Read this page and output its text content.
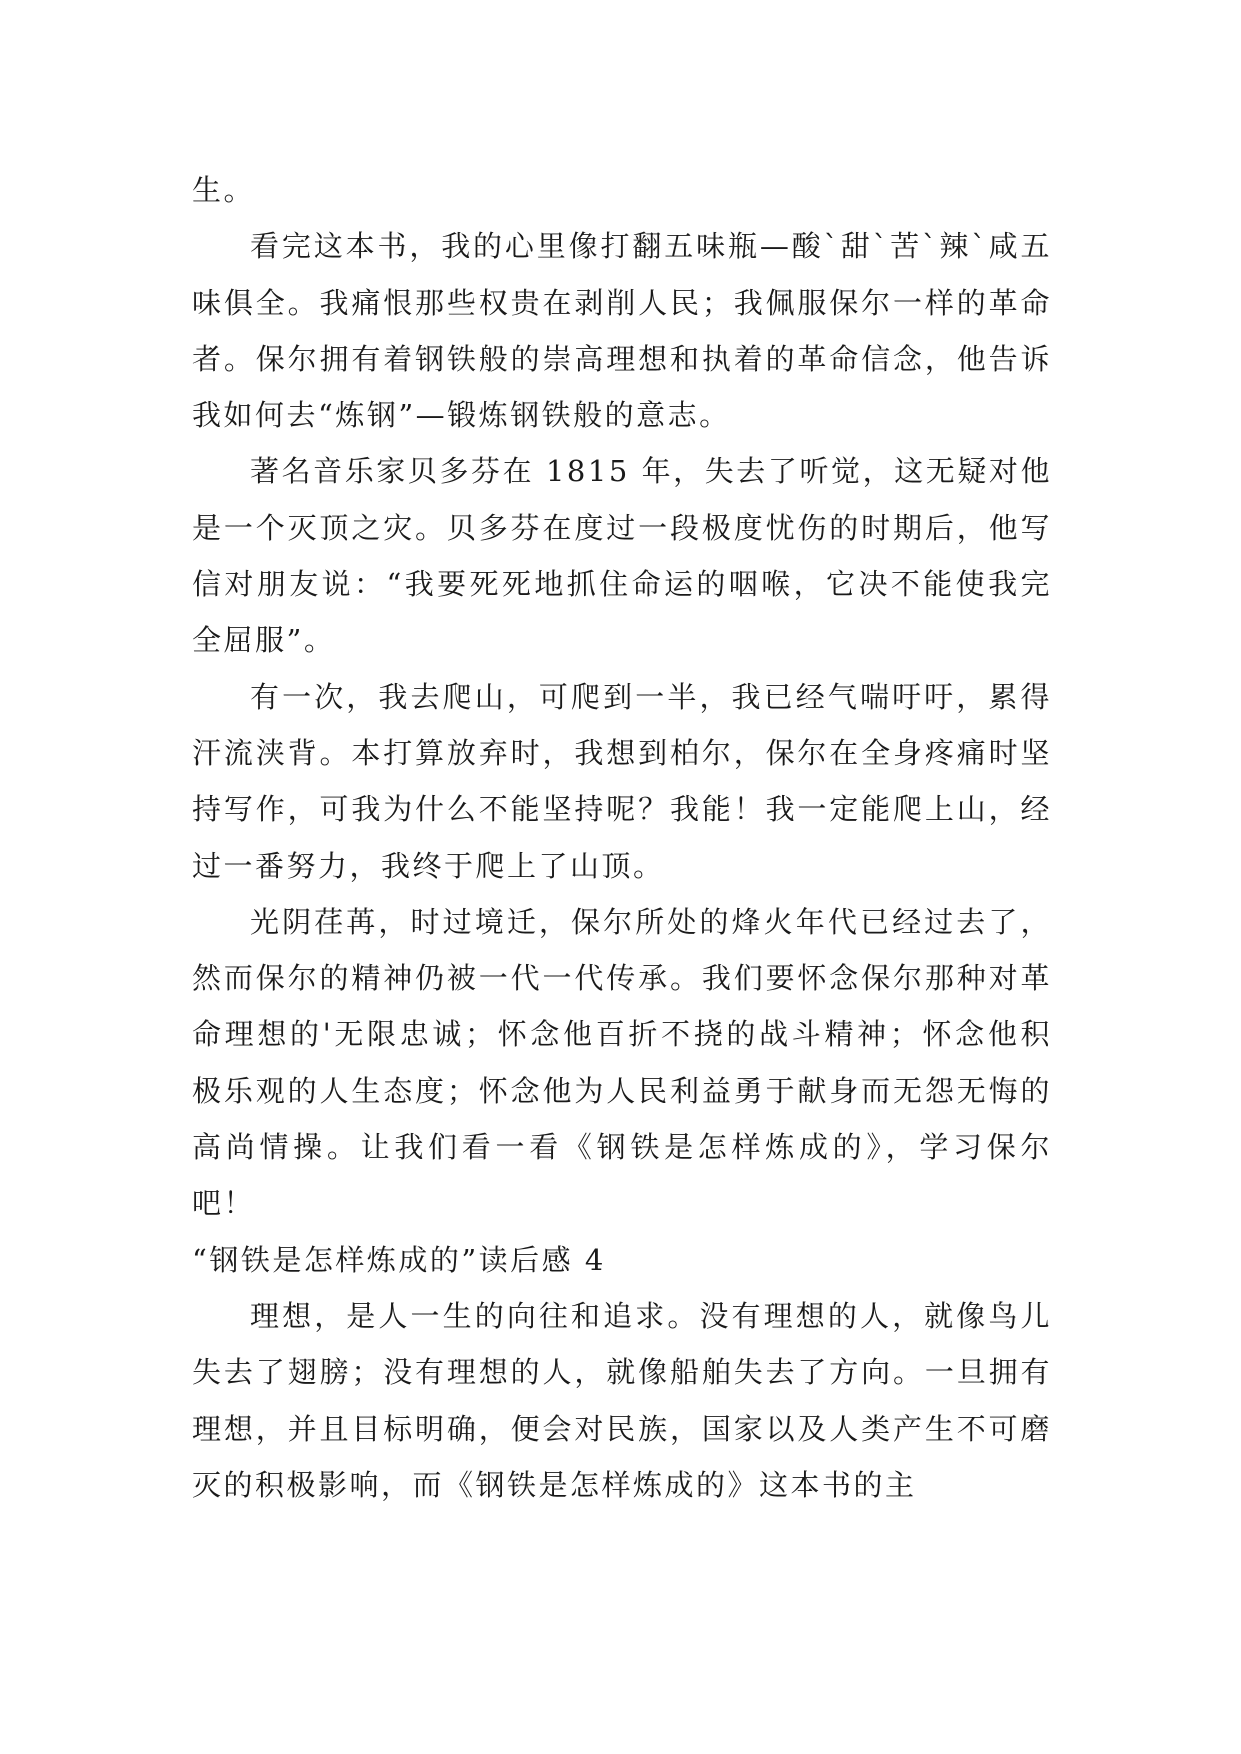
生。

看完这本书，我的心里像打翻五味瓶—酸`甜`苦`辣`咸五味俱全。我痛恨那些权贵在剥削人民；我佩服保尔一样的革命者。保尔拥有着钢铁般的崇高理想和执着的革命信念，他告诉我如何去“炼钢”—锻炼钢铁般的意志。

著名音乐家贝多芬在 1815 年，失去了听觉，这无疑对他是一个灭顶之灾。贝多芬在度过一段极度忧伤的时期后，他写信对朋友说：“我要死死地抓住命运的咽喉，它决不能使我完全屈服”。

有一次，我去爬山，可爬到一半，我已经气喘吁吁，累得汗流浃背。本打算放弃时，我想到柏尔，保尔在全身疼痛时坚持写作，可我为什么不能坚持呢？我能！我一定能爬上山，经过一番努力，我终于爬上了山顶。

光阴荏苒，时过境迁，保尔所处的烽火年代已经过去了，然而保尔的精神仍被一代一代传承。我们要怀念保尔那种对革命理想的'无限忠诚；怀念他百折不挠的战斗精神；怀念他积极乐观的人生态度；怀念他为人民利益勇于献身而无怨无悔的高尚情操。让我们看一看《钢铁是怎样炼成的》，学习保尔吧！

“钢铁是怎样炼成的”读后感 4

理想，是人一生的向往和追求。没有理想的人，就像鸟儿失去了翅膀；没有理想的人，就像船舶失去了方向。一旦拥有理想，并且目标明确，便会对民族，国家以及人类产生不可磨灭的积极影响，而《钢铁是怎样炼成的》这本书的主
